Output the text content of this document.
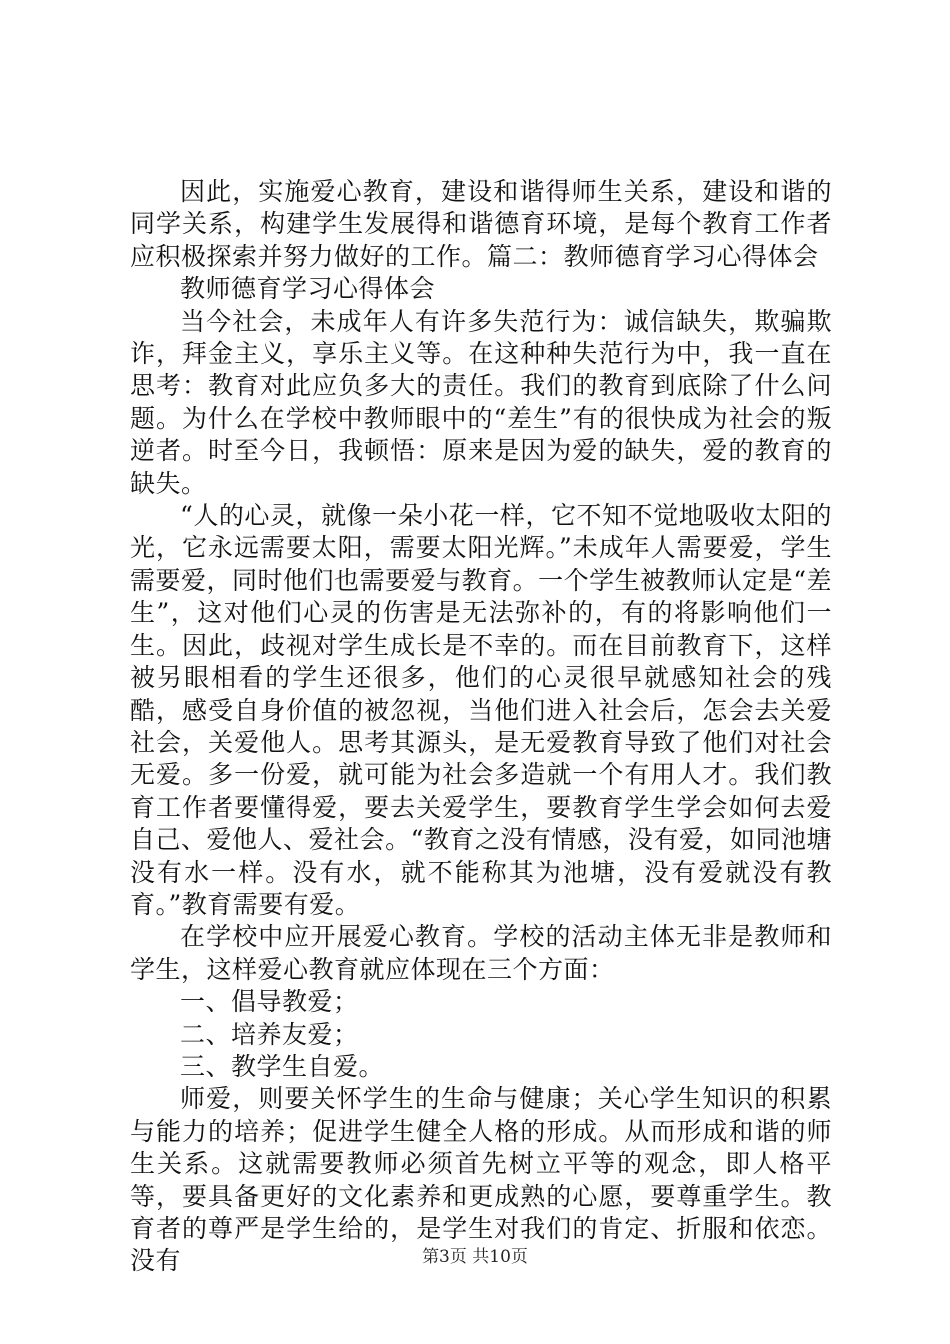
因此，实施爱心教育，建设和谐得师生关系，建设和谐的同学关系，构建学生发展得和谐德育环境，是每个教育工作者应积极探索并努力做好的工作。篇二：教师德育学习心得体会

教师德育学习心得体会

当今社会，未成年人有许多失范行为：诚信缺失，欺骗欺诈，拜金主义，享乐主义等。在这种种失范行为中，我一直在思考：教育对此应负多大的责任。我们的教育到底除了什么问题。为什么在学校中教师眼中的“差生”有的很快成为社会的叛逆者。时至今日，我顿悟：原来是因为爱的缺失，爱的教育的缺失。

“人的心灵，就像一朵小花一样，它不知不觉地吸收太阳的光，它永远需要太阳，需要太阳光辉。”未成年人需要爱，学生需要爱，同时他们也需要爱与教育。一个学生被教师认定是“差生”，这对他们心灵的伤害是无法弥补的，有的将影响他们一生。因此，歧视对学生成长是不幸的。而在目前教育下，这样被另眼相看的学生还很多，他们的心灵很早就感知社会的残酷，感受自身价值的被忽视，当他们进入社会后，怎会去关爱社会，关爱他人。思考其源头，是无爱教育导致了他们对社会无爱。多一份爱，就可能为社会多造就一个有用人才。我们教育工作者要懂得爱，要去关爱学生，要教育学生学会如何去爱自己、爱他人、爱社会。“教育之没有情感，没有爱，如同池塘没有水一样。没有水，就不能称其为池塘，没有爱就没有教育。”教育需要有爱。

在学校中应开展爱心教育。学校的活动主体无非是教师和学生，这样爱心教育就应体现在三个方面：

一、倡导教爱；

二、培养友爱；

三、教学生自爱。

师爱，则要关怀学生的生命与健康；关心学生知识的积累与能力的培养；促进学生健全人格的形成。从而形成和谐的师生关系。这就需要教师必须首先树立平等的观念，即人格平等，要具备更好的文化素养和更成熟的心愿，要尊重学生。教育者的尊严是学生给的，是学生对我们的肯定、折服和依恋。没有	第3页 共10页
